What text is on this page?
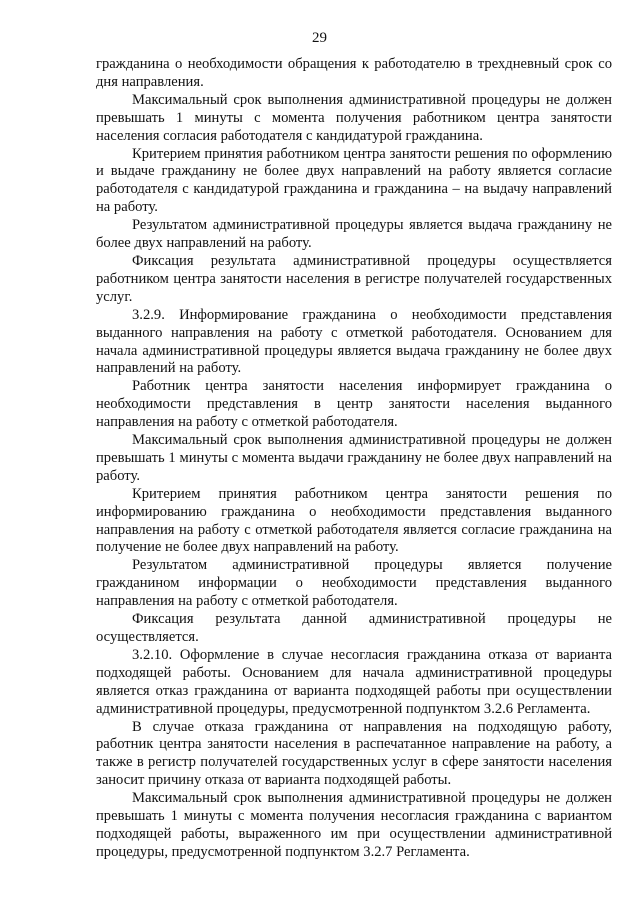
29

гражданина о необходимости обращения к работодателю в трехдневный срок со дня направления.

Максимальный срок выполнения административной процедуры не должен превышать 1 минуты с момента получения работником центра занятости населения согласия работодателя с кандидатурой гражданина.

Критерием принятия работником центра занятости решения по оформлению и выдаче гражданину не более двух направлений на работу является согласие работодателя с кандидатурой гражданина и гражданина – на выдачу направлений на работу.

Результатом административной процедуры является выдача гражданину не более двух направлений на работу.

Фиксация результата административной процедуры осуществляется работником центра занятости населения в регистре получателей государственных услуг.

3.2.9. Информирование гражданина о необходимости представления выданного направления на работу с отметкой работодателя. Основанием для начала административной процедуры является выдача гражданину не более двух направлений на работу.

Работник центра занятости населения информирует гражданина о необходимости представления в центр занятости населения выданного направления на работу с отметкой работодателя.

Максимальный срок выполнения административной процедуры не должен превышать 1 минуты с момента выдачи гражданину не более двух направлений на работу.

Критерием принятия работником центра занятости решения по информированию гражданина о необходимости представления выданного направления на работу с отметкой работодателя является согласие гражданина на получение не более двух направлений на работу.

Результатом административной процедуры является получение гражданином информации о необходимости представления выданного направления на работу с отметкой работодателя.

Фиксация результата данной административной процедуры не осуществляется.

3.2.10. Оформление в случае несогласия гражданина отказа от варианта подходящей работы. Основанием для начала административной процедуры является отказ гражданина от варианта подходящей работы при осуществлении административной процедуры, предусмотренной подпунктом 3.2.6 Регламента.

В случае отказа гражданина от направления на подходящую работу, работник центра занятости населения в распечатанное направление на работу, а также в регистр получателей государственных услуг в сфере занятости населения заносит причину отказа от варианта подходящей работы.

Максимальный срок выполнения административной процедуры не должен превышать 1 минуты с момента получения несогласия гражданина с вариантом подходящей работы, выраженного им при осуществлении административной процедуры, предусмотренной подпунктом 3.2.7 Регламента.
